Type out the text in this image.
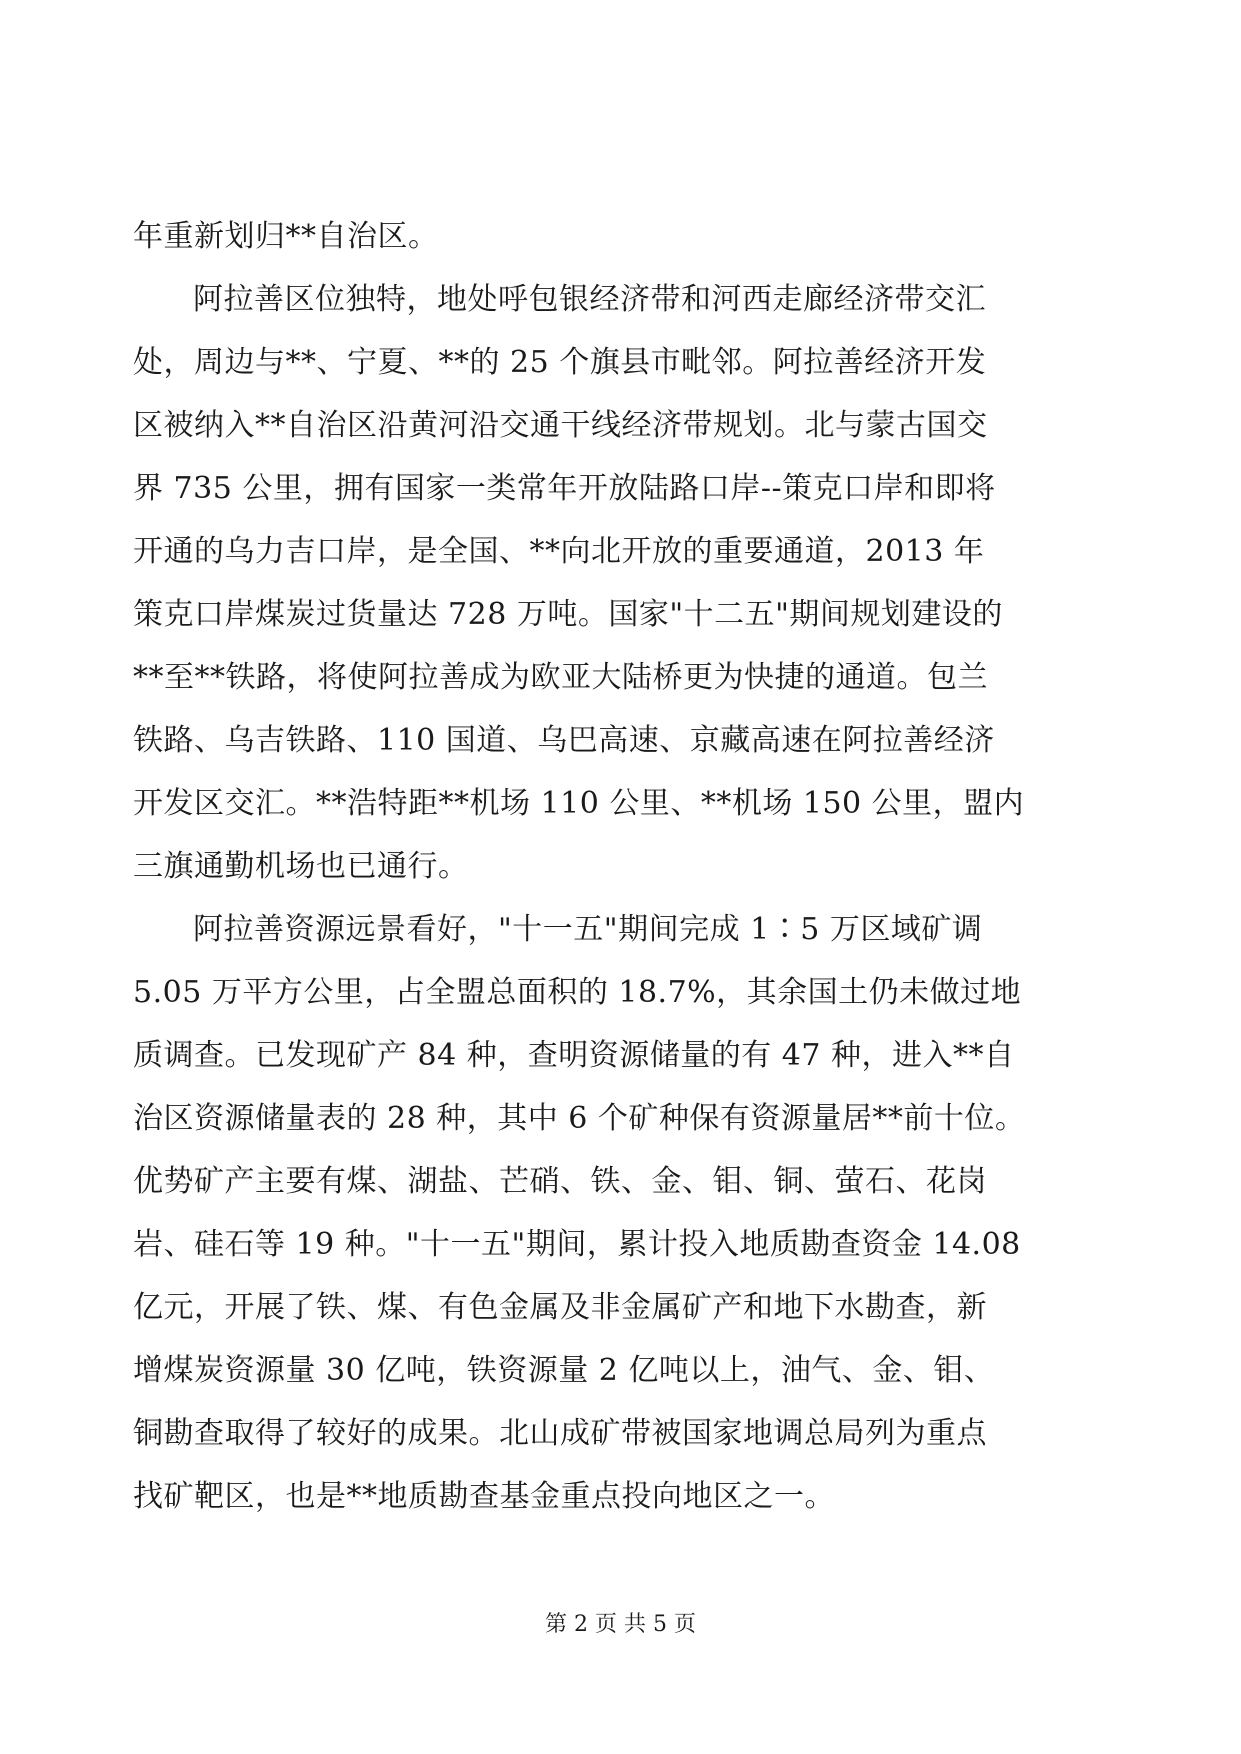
年重新划归**自治区。
阿拉善区位独特，地处呼包银经济带和河西走廊经济带交汇
处，周边与**、宁夏、**的 25 个旗县市毗邻。阿拉善经济开发
区被纳入**自治区沿黄河沿交通干线经济带规划。北与蒙古国交
界 735 公里，拥有国家一类常年开放陆路口岸--策克口岸和即将
开通的乌力吉口岸，是全国、**向北开放的重要通道，2013 年
策克口岸煤炭过货量达 728 万吨。国家"十二五"期间规划建设的
**至**铁路，将使阿拉善成为欧亚大陆桥更为快捷的通道。包兰
铁路、乌吉铁路、110 国道、乌巴高速、京藏高速在阿拉善经济
开发区交汇。**浩特距**机场 110 公里、**机场 150 公里，盟内
三旗通勤机场也已通行。
阿拉善资源远景看好，"十一五"期间完成 1∶5 万区域矿调
5.05 万平方公里，占全盟总面积的 18.7%，其余国土仍未做过地
质调查。已发现矿产 84 种，查明资源储量的有 47 种，进入**自
治区资源储量表的 28 种，其中 6 个矿种保有资源量居**前十位。
优势矿产主要有煤、湖盐、芒硝、铁、金、钼、铜、萤石、花岗
岩、硅石等 19 种。"十一五"期间，累计投入地质勘查资金 14.08
亿元，开展了铁、煤、有色金属及非金属矿产和地下水勘查，新
增煤炭资源量 30 亿吨，铁资源量 2 亿吨以上，油气、金、钼、
铜勘查取得了较好的成果。北山成矿带被国家地调总局列为重点
找矿靶区，也是**地质勘查基金重点投向地区之一。
第 2 页 共 5 页
